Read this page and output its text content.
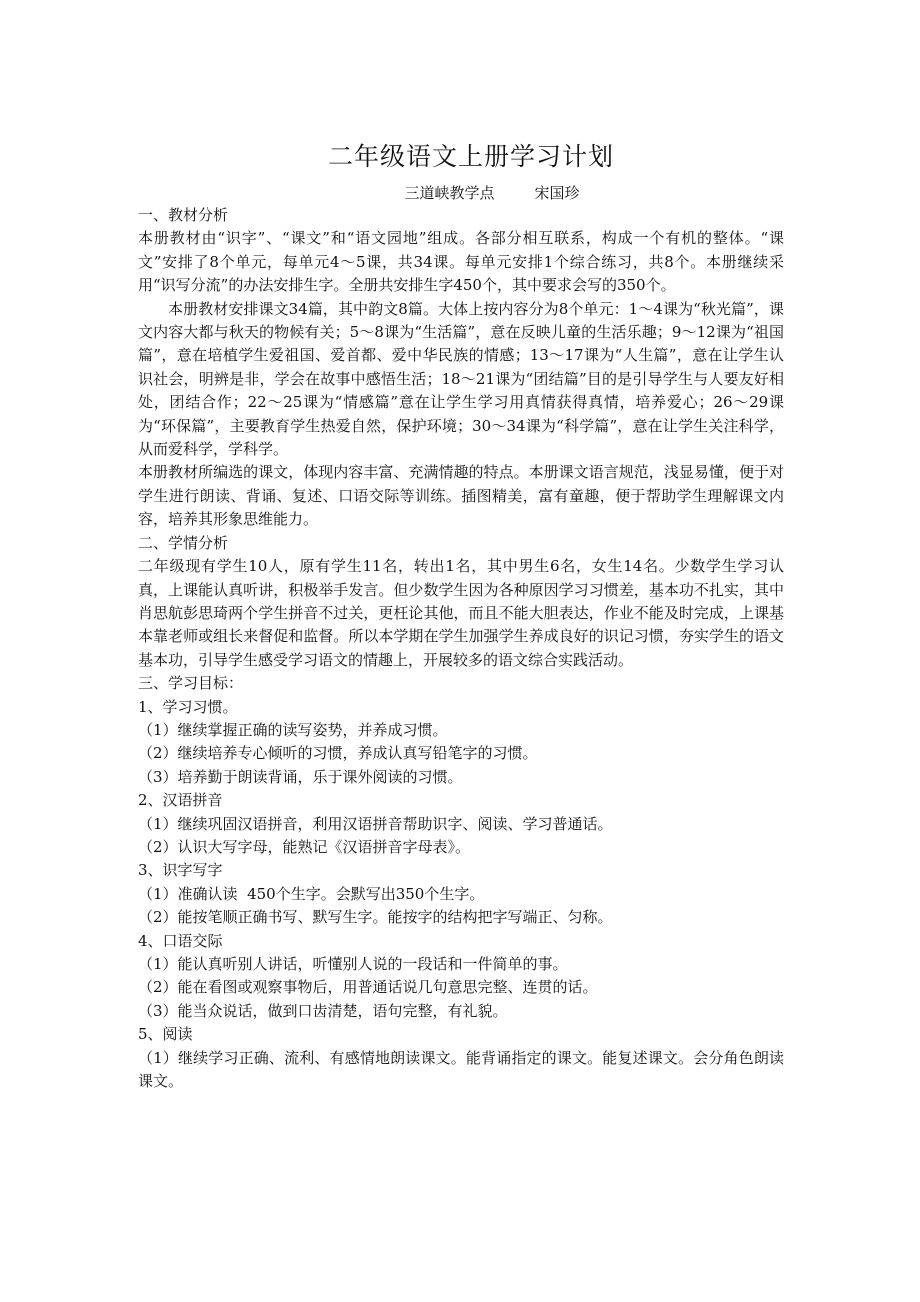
二年级语文上册学习计划
三道峡教学点	宋国珍

一、教材分析

本册教材由“识字”、“课文”和“语文园地”组成。各部分相互联系，构成一个有机的整体。“课文”安排了8个单元，每单元4～5课，共34课。每单元安排1个综合练习，共8个。本册继续采用“识写分流”的办法安排生字。全册共安排生字450个，其中要求会写的350个。

本册教材安排课文34篇，其中韵文8篇。大体上按内容分为8个单元：1～4课为“秋光篇”，课文内容大都与秋天的物候有关；5～8课为“生活篇”，意在反映儿童的生活乐趣；9～12课为“祖国篇”，意在培植学生爱祖国、爱首都、爱中华民族的情感；13～17课为“人生篇”，意在让学生认识社会，明辨是非，学会在故事中感悟生活；18～21课为“团结篇”目的是引导学生与人要友好相处，团结合作；22～25课为“情感篇”意在让学生学习用真情获得真情，培养爱心；26～29课为“环保篇”，主要教育学生热爱自然，保护环境；30～34课为“科学篇”，意在让学生关注科学，从而爱科学，学科学。

本册教材所编选的课文，体现内容丰富、充满情趣的特点。本册课文语言规范，浅显易懂，便于对学生进行朗读、背诵、复述、口语交际等训练。插图精美，富有童趣，便于帮助学生理解课文内容，培养其形象思维能力。

二、学情分析

二年级现有学生10人，原有学生11名，转出1名，其中男生6名，女生14名。少数学生学习认真，上课能认真听讲，积极举手发言。但少数学生因为各种原因学习习惯差，基本功不扎实，其中肖思航彭思琦两个学生拼音不过关，更枉论其他，而且不能大胆表达，作业不能及时完成，上课基本靠老师或组长来督促和监督。所以本学期在学生加强学生养成良好的识记习惯，夯实学生的语文基本功，引导学生感受学习语文的情趣上，开展较多的语文综合实践活动。

三、学习目标：

1、学习习惯。

（1）继续掌握正确的读写姿势，并养成习惯。

（2）继续培养专心倾听的习惯，养成认真写铅笔字的习惯。

（3）培养勤于朗读背诵，乐于课外阅读的习惯。

2、汉语拼音

（1）继续巩固汉语拼音，利用汉语拼音帮助识字、阅读、学习普通话。

（2）认识大写字母，能熟记《汉语拼音字母表》。

3、识字写字

（1）准确认读  450个生字。会默写出350个生字。

（2）能按笔顺正确书写、默写生字。能按字的结构把字写端正、匀称。

4、口语交际

（1）能认真听别人讲话，听懂别人说的一段话和一件简单的事。

（2）能在看图或观察事物后，用普通话说几句意思完整、连贯的话。

（3）能当众说话，做到口齿清楚，语句完整，有礼貌。

5、阅读

（1）继续学习正确、流利、有感情地朗读课文。能背诵指定的课文。能复述课文。会分角色朗读课文。
